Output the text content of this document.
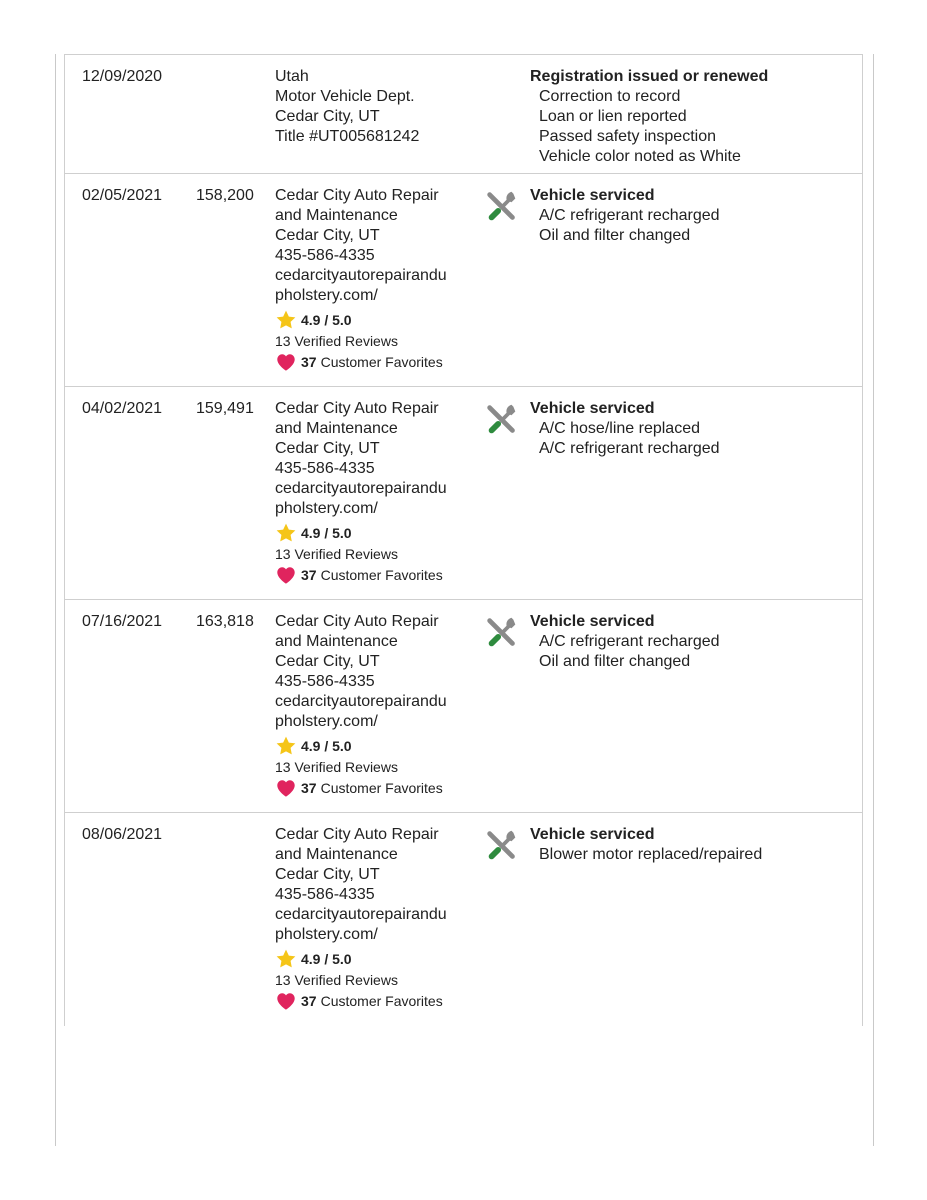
12/09/2020	Utah
Motor Vehicle Dept.
Cedar City, UT
Title #UT005681242
Registration issued or renewed
Correction to record
Loan or lien reported
Passed safety inspection
Vehicle color noted as White
02/05/2021 158,200 Cedar City Auto Repair
and Maintenance
Cedar City, UT
435-586-4335
cedarcityautorepairandu
pholstery.com/
4.9 / 5.0
13 Verified Reviews
37 Customer Favorites
Vehicle serviced
A/C refrigerant recharged
Oil and filter changed
04/02/2021 159,491 Cedar City Auto Repair
and Maintenance
Cedar City, UT
435-586-4335
cedarcityautorepairandu
pholstery.com/
4.9 / 5.0
13 Verified Reviews
37 Customer Favorites
Vehicle serviced
A/C hose/line replaced
A/C refrigerant recharged
07/16/2021 163,818 Cedar City Auto Repair
and Maintenance
Cedar City, UT
435-586-4335
cedarcityautorepairandu
pholstery.com/
4.9 / 5.0
13 Verified Reviews
37 Customer Favorites
Vehicle serviced
A/C refrigerant recharged
Oil and filter changed
08/06/2021	Cedar City Auto Repair
and Maintenance
Cedar City, UT
435-586-4335
cedarcityautorepairandu
pholstery.com/
4.9 / 5.0
13 Verified Reviews
37 Customer Favorites
Vehicle serviced
Blower motor replaced/repaired
